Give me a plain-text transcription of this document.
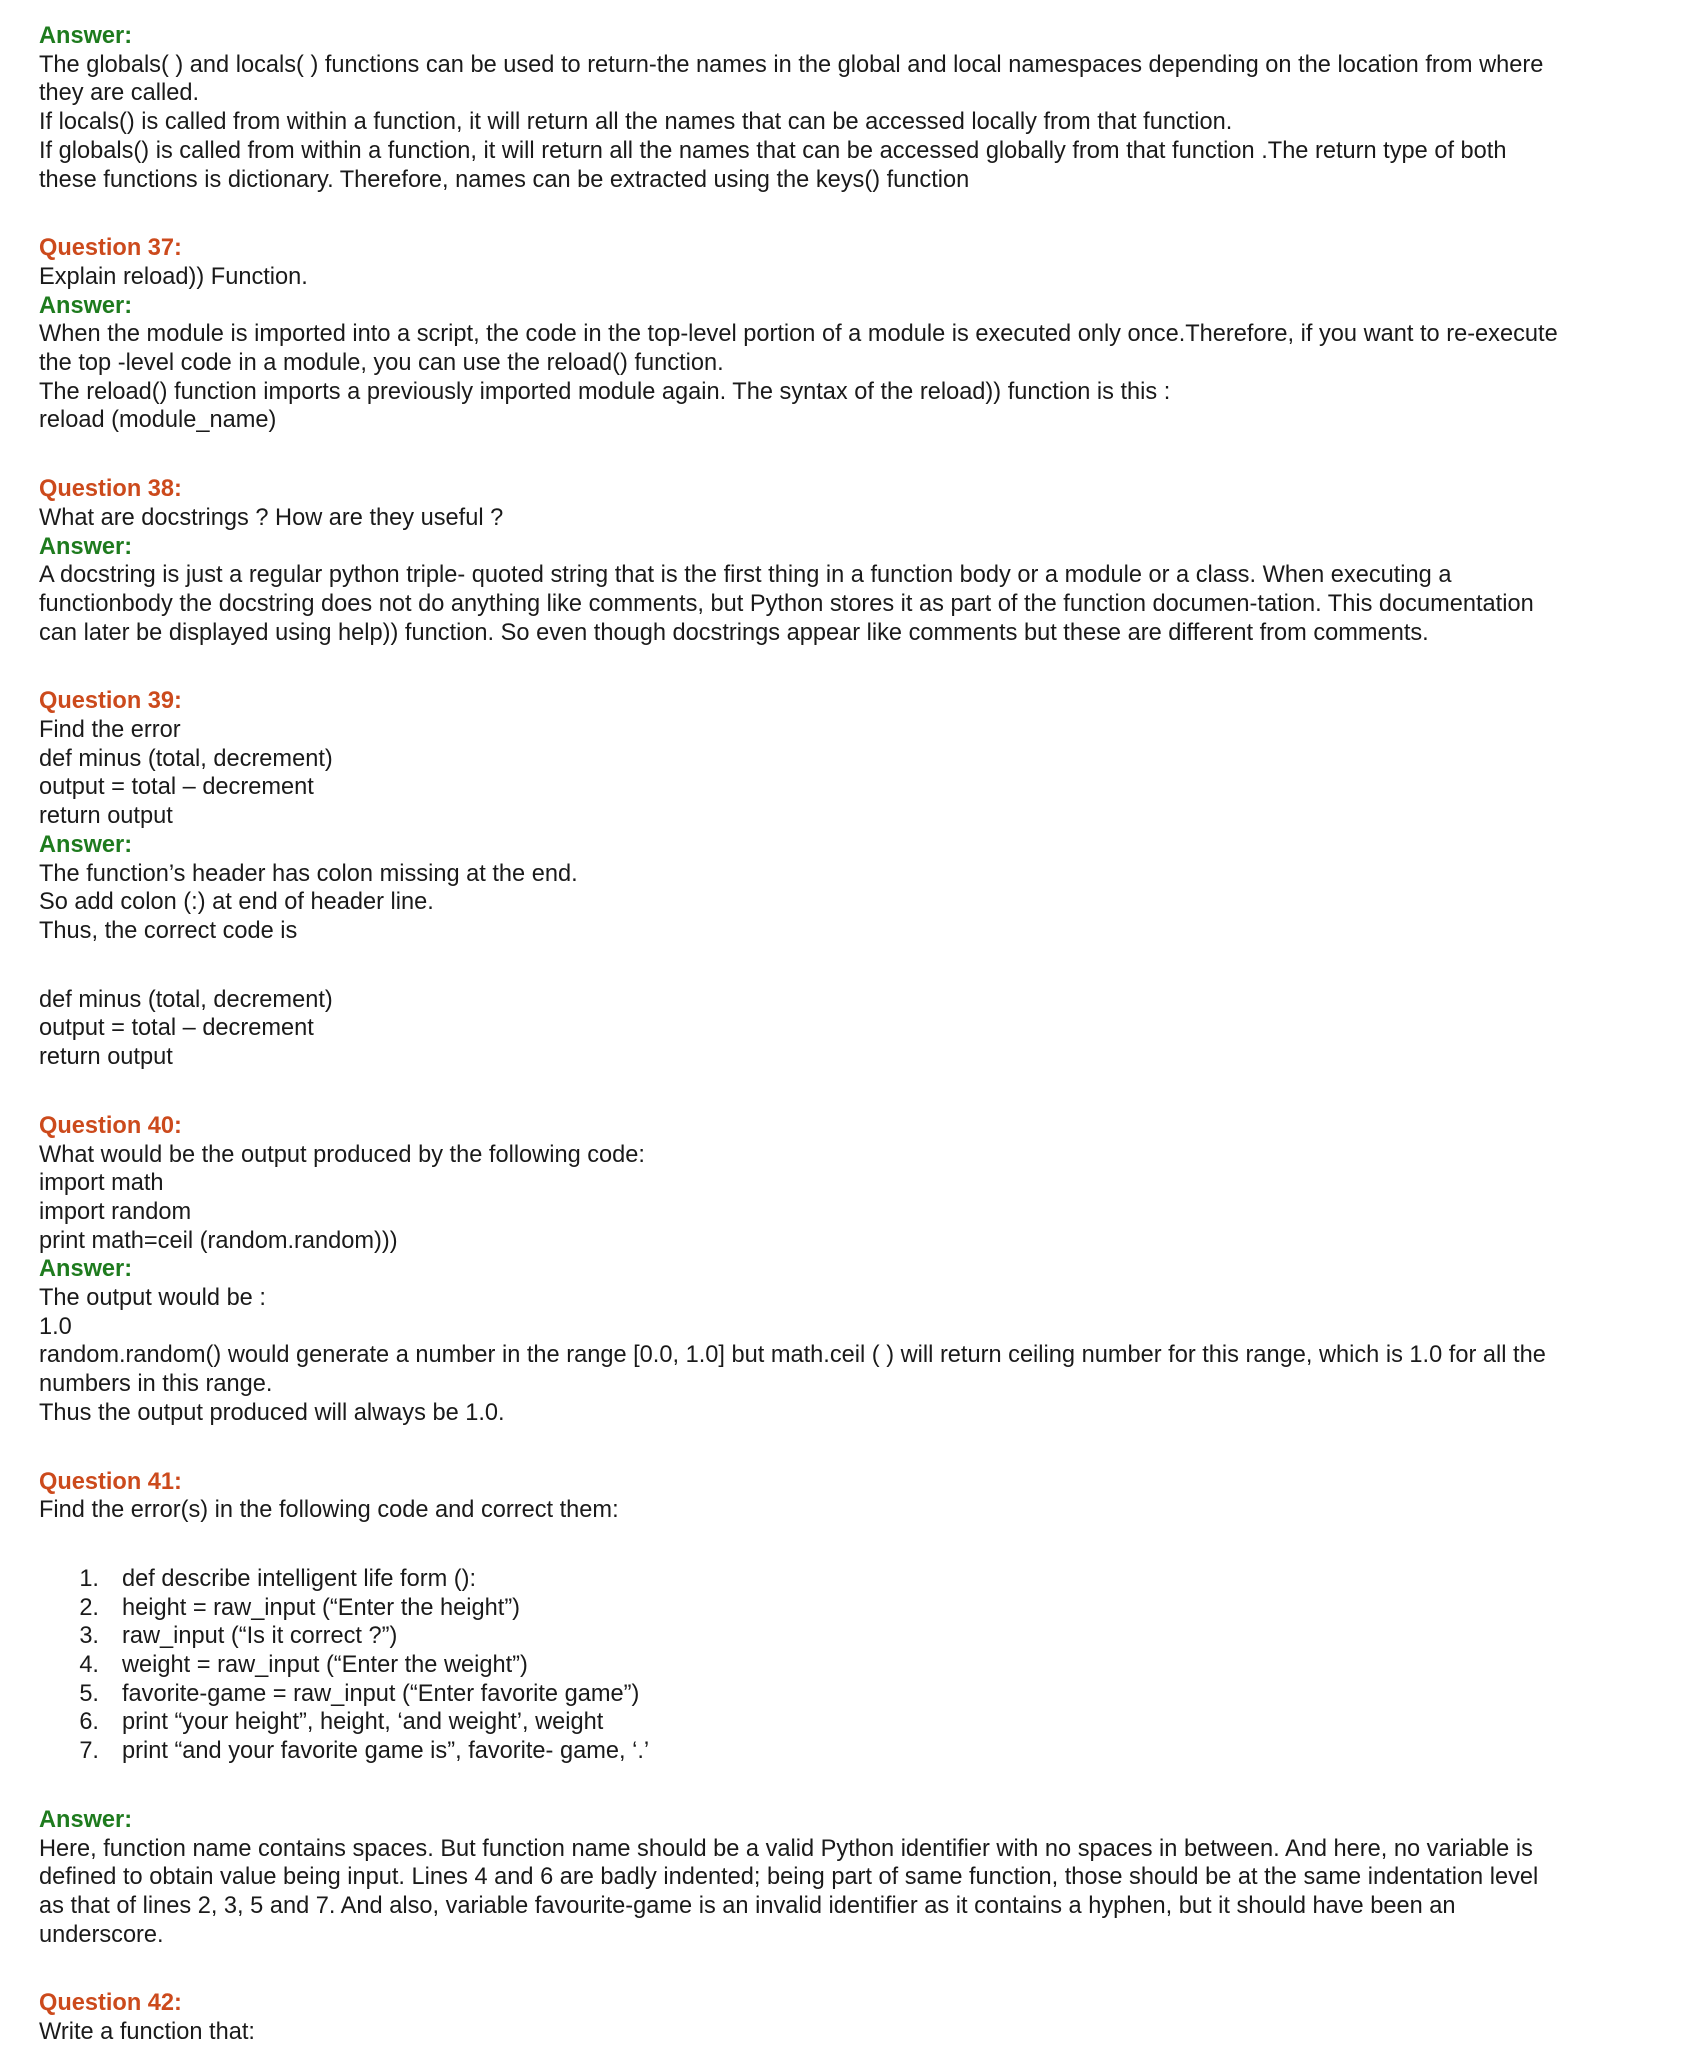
Answer:
The globals( ) and locals( ) functions can be used to return-the names in the global and local namespaces depending on the location from where
they are called.
If locals() is called from within a function, it will return all the names that can be accessed locally from that function.
If globals() is called from within a function, it will return all the names that can be accessed globally from that function .The return type of both
these functions is dictionary. Therefore, names can be extracted using the keys() function
Question 37:
Explain reload)) Function.
Answer:
When the module is imported into a script, the code in the top-level portion of a module is executed only once.Therefore, if you want to re-execute
the top -level code in a module, you can use the reload() function.
The reload() function imports a previously imported module again. The syntax of the reload)) function is this :
reload (module_name)
Question 38:
What are docstrings ? How are they useful ?
Answer:
A docstring is just a regular python triple- quoted string that is the first thing in a function body or a module or a class. When executing a
functionbody the docstring does not do anything like comments, but Python stores it as part of the function documen-tation. This documentation
can later be displayed using help)) function. So even though docstrings appear like comments but these are different from comments.
Question 39:
Find the error
def minus (total, decrement)
output = total – decrement
return output
Answer:
The function’s header has colon missing at the end.
So add colon (:) at end of header line.
Thus, the correct code is
def minus (total, decrement)
output = total – decrement
return output
Question 40:
What would be the output produced by the following code:
import math
import random
print math=ceil (random.random)))
Answer:
The output would be :
1.0
random.random() would generate a number in the range [0.0, 1.0] but math.ceil ( ) will return ceiling number for this range, which is 1.0 for all the
numbers in this range.
Thus the output produced will always be 1.0.
Question 41:
Find the error(s) in the following code and correct them:
1. def describe intelligent life form ():
2. height = raw_input (“Enter the height”)
3. raw_input (“Is it correct ?”)
4. weight = raw_input (“Enter the weight”)
5. favorite-game = raw_input (“Enter favorite game”)
6. print “your height”, height, ‘and weight’, weight
7. print “and your favorite game is”, favorite- game, ‘.’
Answer:
Here, function name contains spaces. But function name should be a valid Python identifier with no spaces in between. And here, no variable is
defined to obtain value being input. Lines 4 and 6 are badly indented; being part of same function, those should be at the same indentation level
as that of lines 2, 3, 5 and 7. And also, variable favourite-game is an invalid identifier as it contains a hyphen, but it should have been an
underscore.
Question 42:
Write a function that:
